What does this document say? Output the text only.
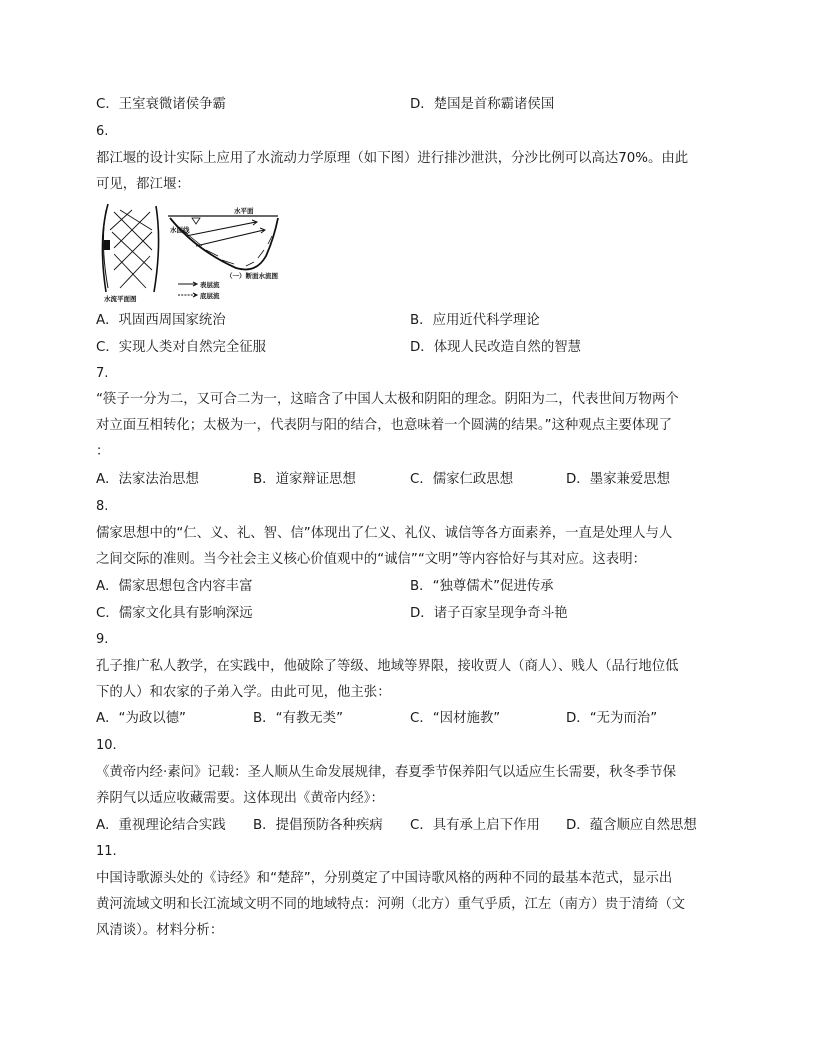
C．王室衰微诸侯争霸	D．楚国是首称霸诸侯国
6.
都江堰的设计实际上应用了水流动力学原理（如下图）进行排沙泄洪，分沙比例可以高达70%。由此
可见，都江堰：
水流平面图
水平面
水面线
（一）断面水流图
表层流
底层流
A．巩固西周国家统治	B．应用近代科学理论
C．实现人类对自然完全征服	D．体现人民改造自然的智慧
7.
“筷子一分为二，又可合二为一，这暗含了中国人太极和阴阳的理念。阴阳为二，代表世间万物两个
对立面互相转化；太极为一，代表阴与阳的结合，也意味着一个圆满的结果。”这种观点主要体现了
：
A．法家法治思想	B．道家辩证思想	C．儒家仁政思想	D．墨家兼爱思想
8.
儒家思想中的“仁、义、礼、智、信”体现出了仁义、礼仪、诚信等各方面素养，一直是处理人与人
之间交际的准则。当今社会主义核心价值观中的“诚信”“文明”等内容恰好与其对应。这表明：
A．儒家思想包含内容丰富	B．“独尊儒术”促进传承
C．儒家文化具有影响深远	D．诸子百家呈现争奇斗艳
9.
孔子推广私人教学，在实践中，他破除了等级、地域等界限，接收贾人（商人）、贱人（品行地位低
下的人）和农家的子弟入学。由此可见，他主张：
A．“为政以德”	B．“有教无类”	C．“因材施教”	D．“无为而治”
10.
《黄帝内经·素问》记载：圣人顺从生命发展规律，春夏季节保养阳气以适应生长需要，秋冬季节保
养阴气以适应收藏需要。这体现出《黄帝内经》：
A．重视理论结合实践 B．提倡预防各种疾病 C．具有承上启下作用 D．蕴含顺应自然思想
11.
中国诗歌源头处的《诗经》和“楚辞”，分别奠定了中国诗歌风格的两种不同的最基本范式，显示出
黄河流域文明和长江流域文明不同的地域特点：河朔（北方）重气乎质，江左（南方）贵于清绮（文
风清谈）。材料分析：
